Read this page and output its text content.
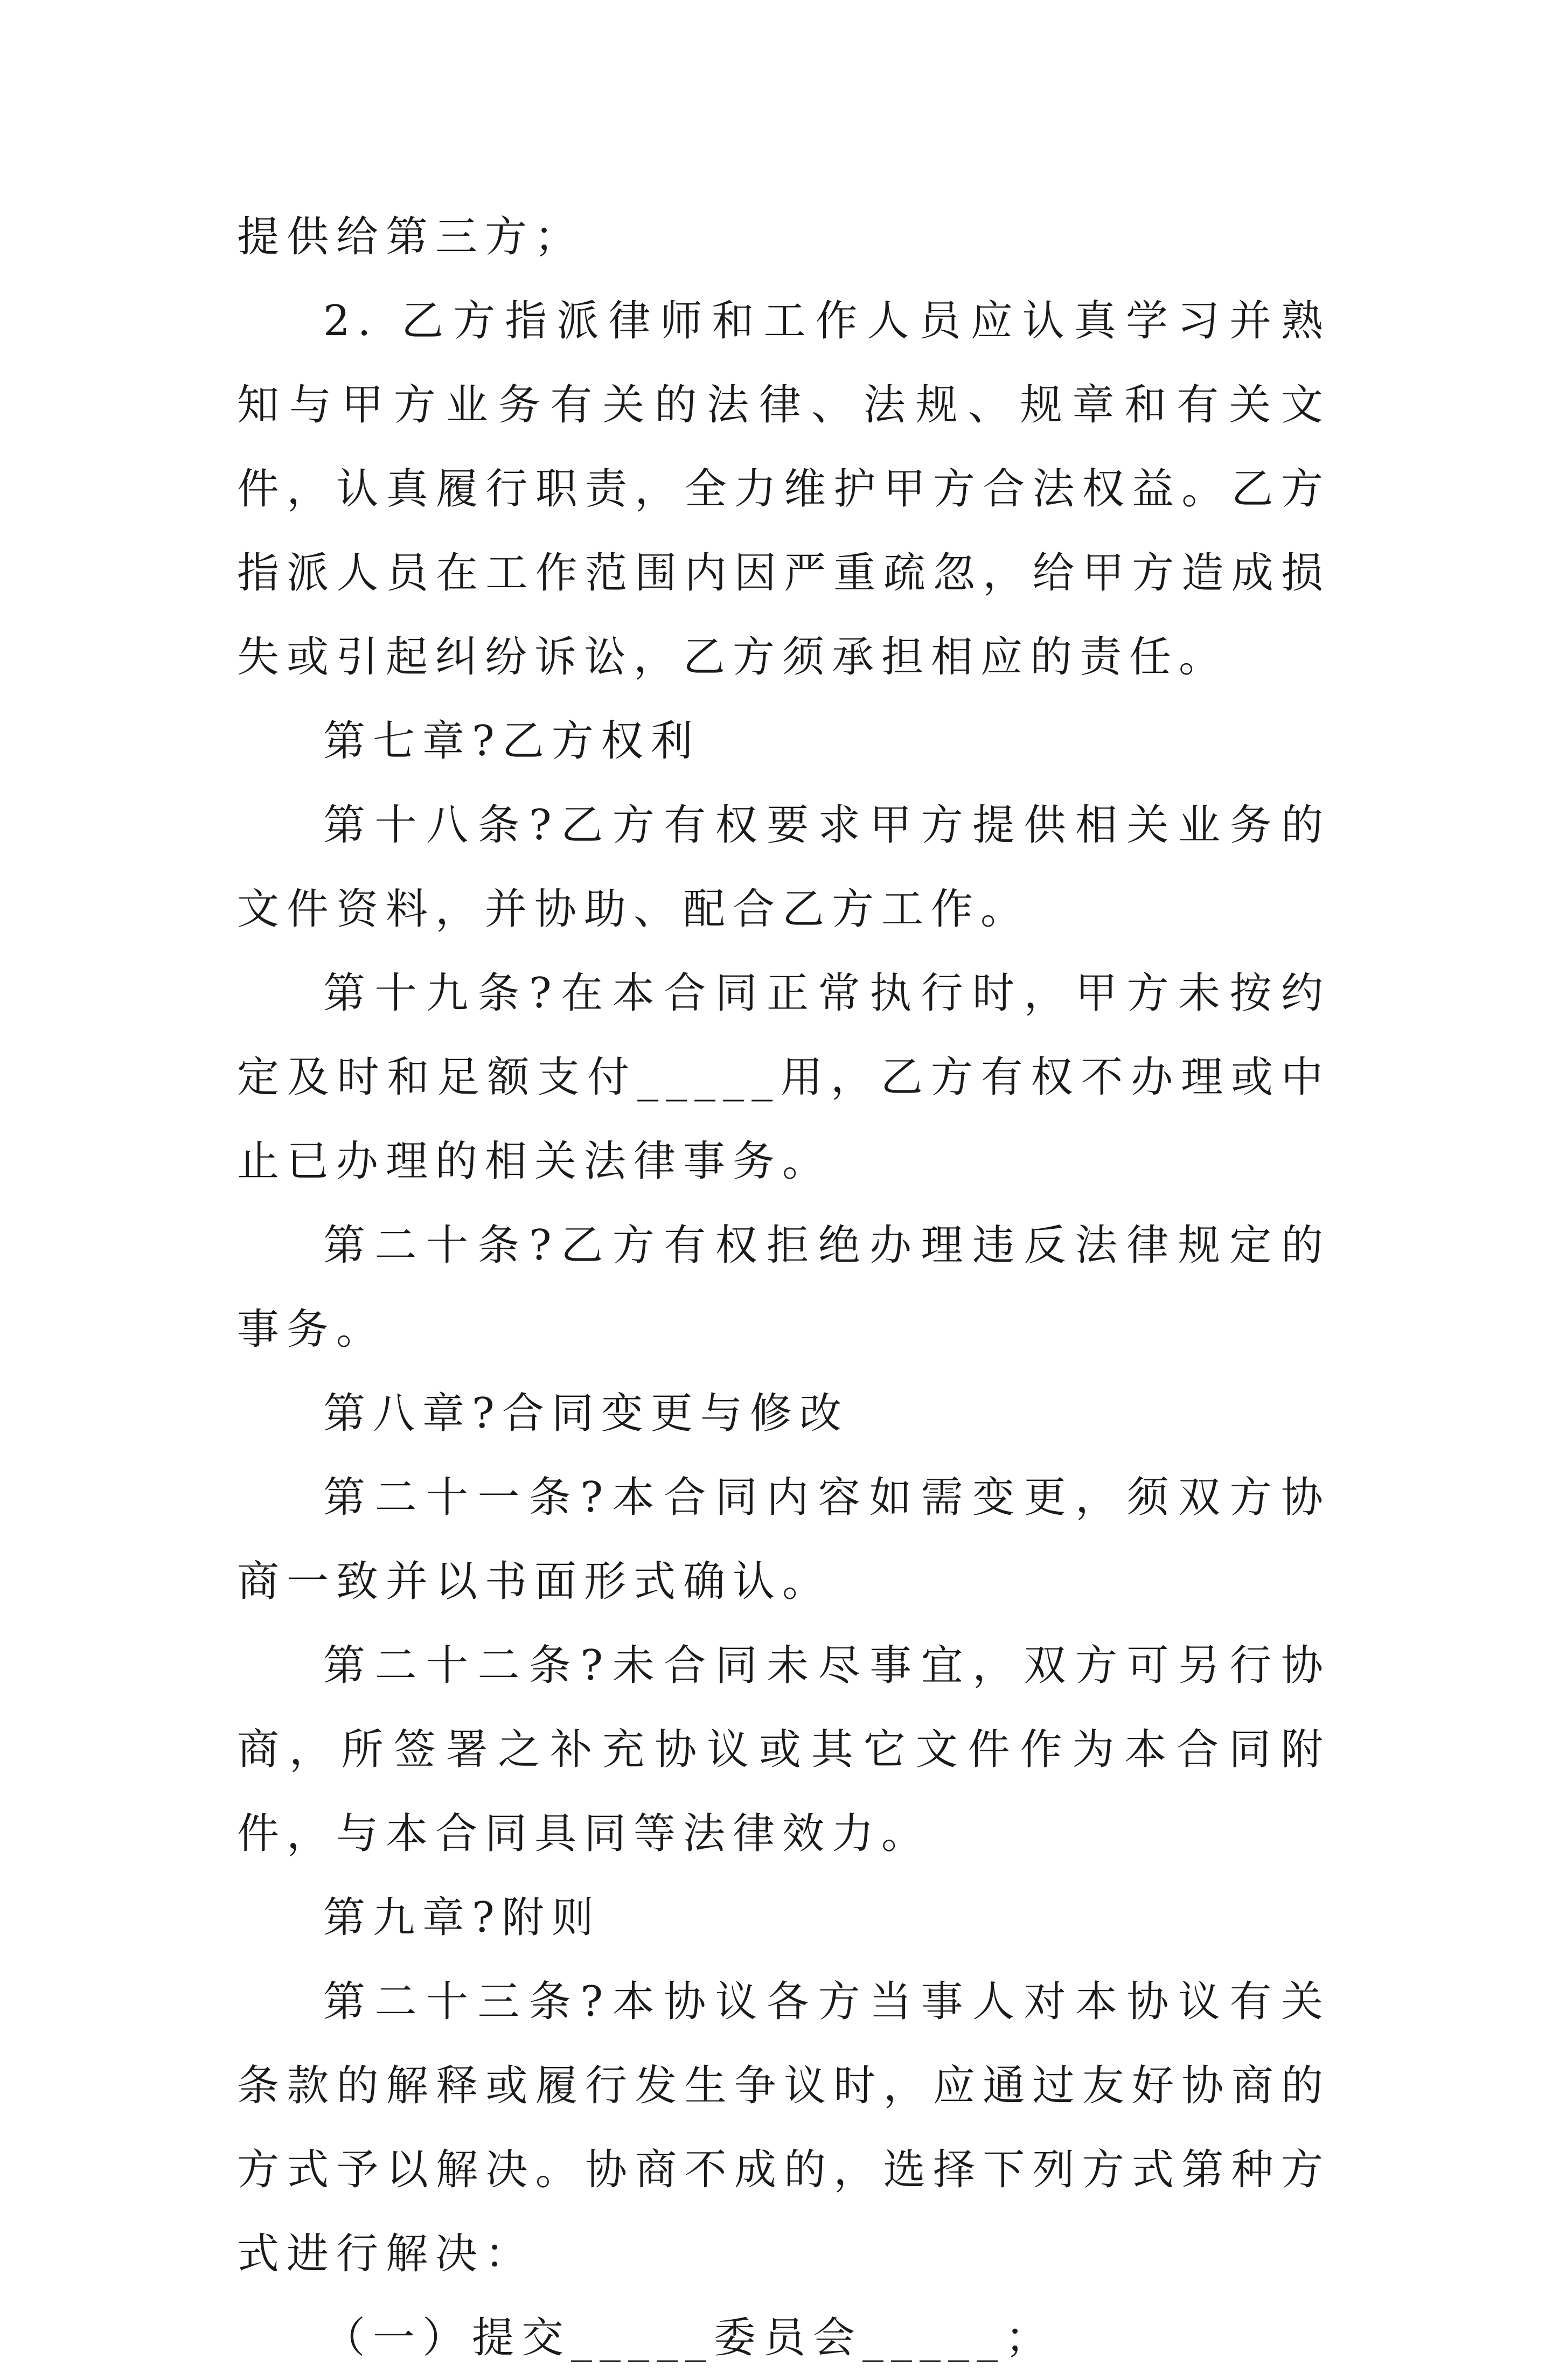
提供给第三方；

2. 乙方指派律师和工作人员应认真学习并熟知与甲方业务有关的法律、法规、规章和有关文件，认真履行职责，全力维护甲方合法权益。乙方指派人员在工作范围内因严重疏忽，给甲方造成损失或引起纠纷诉讼，乙方须承担相应的责任。

第七章?乙方权利

第十八条?乙方有权要求甲方提供相关业务的文件资料，并协助、配合乙方工作。

第十九条?在本合同正常执行时，甲方未按约定及时和足额支付_____用，乙方有权不办理或中止已办理的相关法律事务。

第二十条?乙方有权拒绝办理违反法律规定的事务。

第八章?合同变更与修改

第二十一条?本合同内容如需变更，须双方协商一致并以书面形式确认。

第二十二条?未合同未尽事宜，双方可另行协商，所签署之补充协议或其它文件作为本合同附件，与本合同具同等法律效力。

第九章?附则

第二十三条?本协议各方当事人对本协议有关条款的解释或履行发生争议时，应通过友好协商的方式予以解决。协商不成的，选择下列方式第种方式进行解决：

（一）提交_____委员会_____；
